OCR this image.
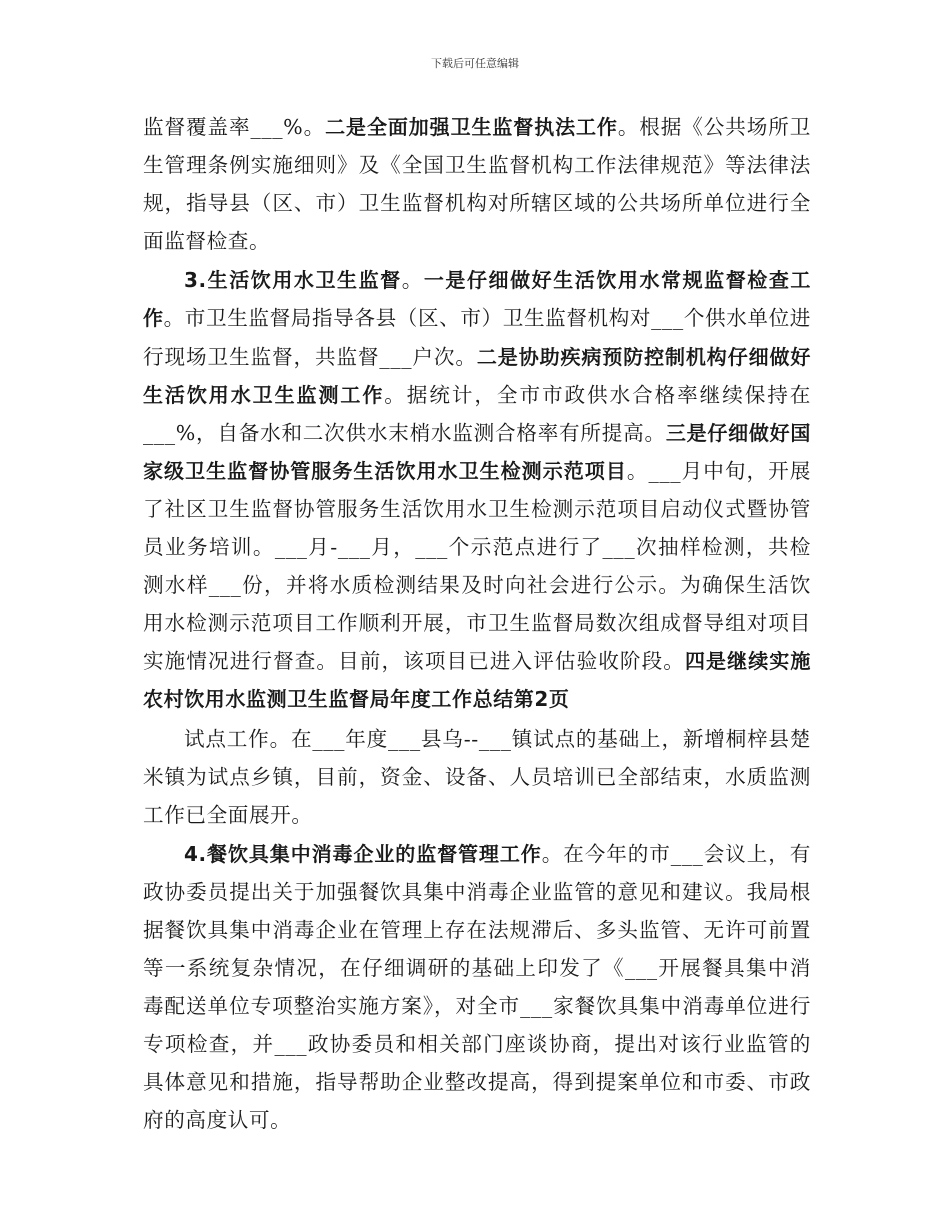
下载后可任意编辑

监督覆盖率___%。二是全面加强卫生监督执法工作。根据《公共场所卫生管理条例实施细则》及《全国卫生监督机构工作法律规范》等法律法规，指导县（区、市）卫生监督机构对所辖区域的公共场所单位进行全面监督检查。

3.生活饮用水卫生监督。一是仔细做好生活饮用水常规监督检查工作。市卫生监督局指导各县（区、市）卫生监督机构对___个供水单位进行现场卫生监督，共监督___户次。二是协助疾病预防控制机构仔细做好生活饮用水卫生监测工作。据统计，全市市政供水合格率继续保持在___%，自备水和二次供水末梢水监测合格率有所提高。三是仔细做好国家级卫生监督协管服务生活饮用水卫生检测示范项目。___月中旬，开展了社区卫生监督协管服务生活饮用水卫生检测示范项目启动仪式暨协管员业务培训。___月-___月，___个示范点进行了___次抽样检测，共检测水样___份，并将水质检测结果及时向社会进行公示。为确保生活饮用水检测示范项目工作顺利开展，市卫生监督局数次组成督导组对项目实施情况进行督查。目前，该项目已进入评估验收阶段。四是继续实施农村饮用水监测卫生监督局年度工作总结第2页

试点工作。在___年度___县乌--___镇试点的基础上，新增桐梓县楚米镇为试点乡镇，目前，资金、设备、人员培训已全部结束，水质监测工作已全面展开。

4.餐饮具集中消毒企业的监督管理工作。在今年的市___会议上，有政协委员提出关于加强餐饮具集中消毒企业监管的意见和建议。我局根据餐饮具集中消毒企业在管理上存在法规滞后、多头监管、无许可前置等一系统复杂情况，在仔细调研的基础上印发了《___开展餐具集中消毒配送单位专项整治实施方案》，对全市___家餐饮具集中消毒单位进行专项检查，并___政协委员和相关部门座谈协商，提出对该行业监管的具体意见和措施，指导帮助企业整改提高，得到提案单位和市委、市政府的高度认可。
